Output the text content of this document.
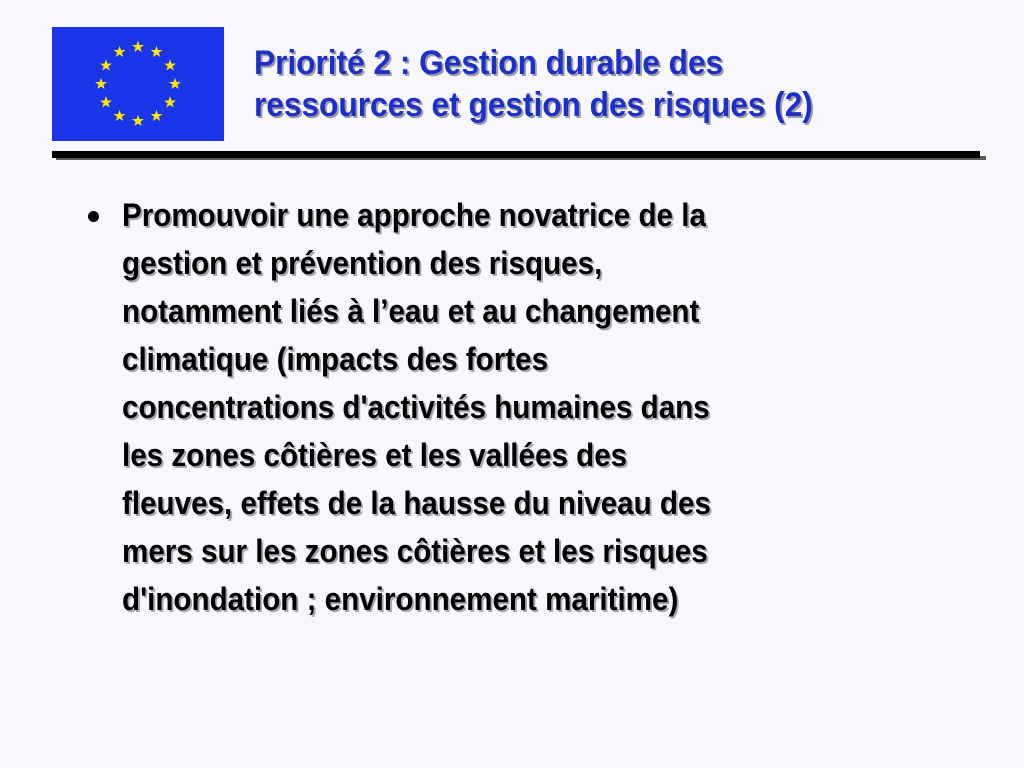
Priorité 2 : Gestion durable des
ressources et gestion des risques (2)
Promouvoir une approche novatrice de la
gestion et prévention des risques,
notamment liés à l’eau et au changement
climatique (impacts des fortes
concentrations d'activités humaines dans
les zones côtières et les vallées des
fleuves, effets de la hausse du niveau des
mers sur les zones côtières et les risques
d'inondation ; environnement maritime)
